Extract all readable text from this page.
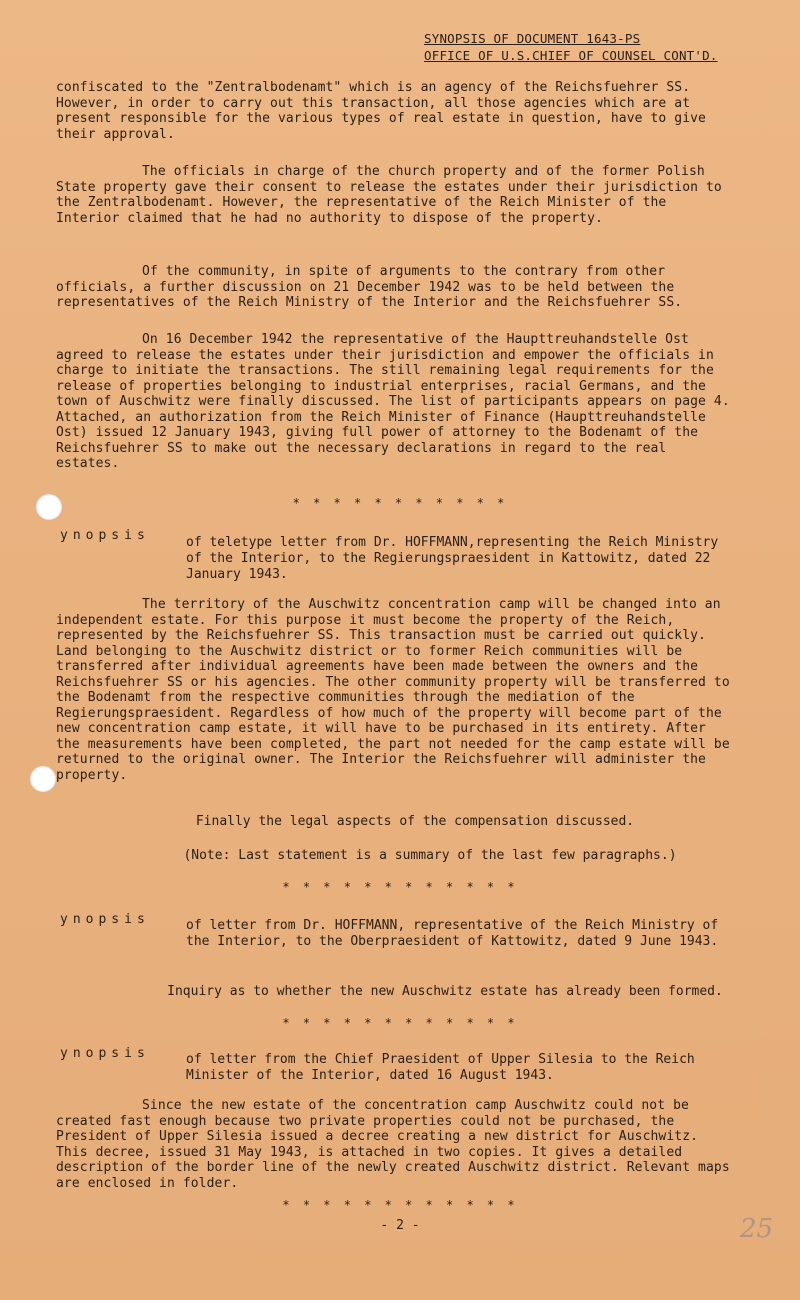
SYNOPSIS OF DOCUMENT 1643-PS
OFFICE OF U.S.CHIEF OF COUNSEL CONT'D.
confiscated to the "Zentralbodenamt" which is an agency of the Reichsfuehrer SS. However, in order to carry out this transaction, all those agencies which are at present responsible for the various types of real estate in question, have to give their approval.
The officials in charge of the church property and of the former Polish State property gave their consent to release the estates under their jurisdiction to the Zentralbodenamt. However, the representative of the Reich Minister of the Interior claimed that he had no authority to dispose of the property.
Of the community, in spite of arguments to the contrary from other officials, a further discussion on 21 December 1942 was to be held between the representatives of the Reich Ministry of the Interior and the Reichsfuehrer SS.
On 16 December 1942 the representative of the Haupttreuhandstelle Ost agreed to release the estates under their jurisdiction and empower the officials in charge to initiate the transactions. The still remaining legal requirements for the release of properties belonging to industrial enterprises, racial Germans, and the town of Auschwitz were finally discussed. The list of participants appears on page 4. Attached, an authorization from the Reich Minister of Finance (Haupttreuhandstelle Ost) issued 12 January 1943, giving full power of attorney to the Bodenamt of the Reichsfuehrer SS to make out the necessary declarations in regard to the real estates.
* * * * * * * * * * *
ynopsis	of teletype letter from Dr. HOFFMANN,representing the Reich Ministry of the Interior, to the Regierungspraesident in Kattowitz, dated 22 January 1943.
The territory of the Auschwitz concentration camp will be changed into an independent estate. For this purpose it must become the property of the Reich, represented by the Reichsfuehrer SS. This transaction must be carried out quickly. Land belonging to the Auschwitz district or to former Reich communities will be transferred after individual agreements have been made between the owners and the Reichsfuehrer SS or his agencies. The other community property will be transferred to the Bodenamt from the respective communities through the mediation of the Regierungspraesident. Regardless of how much of the property will become part of the new concentration camp estate, it will have to be purchased in its entirety. After the measurements have been completed, the part not needed for the camp estate will be returned to the original owner. The Interior the Reichsfuehrer will administer the property.
Finally the legal aspects of the compensation discussed.
(Note: Last statement is a summary of the last few paragraphs.)
* * * * * * * * * * * *
ynopsis	of letter from Dr. HOFFMANN, representative of the Reich Ministry of the Interior, to the Oberpraesident of Kattowitz, dated 9 June 1943.
Inquiry as to whether the new Auschwitz estate has already been formed.
* * * * * * * * * * * *
ynopsis	of letter from the Chief Praesident of Upper Silesia to the Reich Minister of the Interior, dated 16 August 1943.
Since the new estate of the concentration camp Auschwitz could not be created fast enough because two private properties could not be purchased, the President of Upper Silesia issued a decree creating a new district for Auschwitz. This decree, issued 31 May 1943, is attached in two copies. It gives a detailed description of the border line of the newly created Auschwitz district. Relevant maps are enclosed in folder.
* * * * * * * * * * * *
- 2 -	25
